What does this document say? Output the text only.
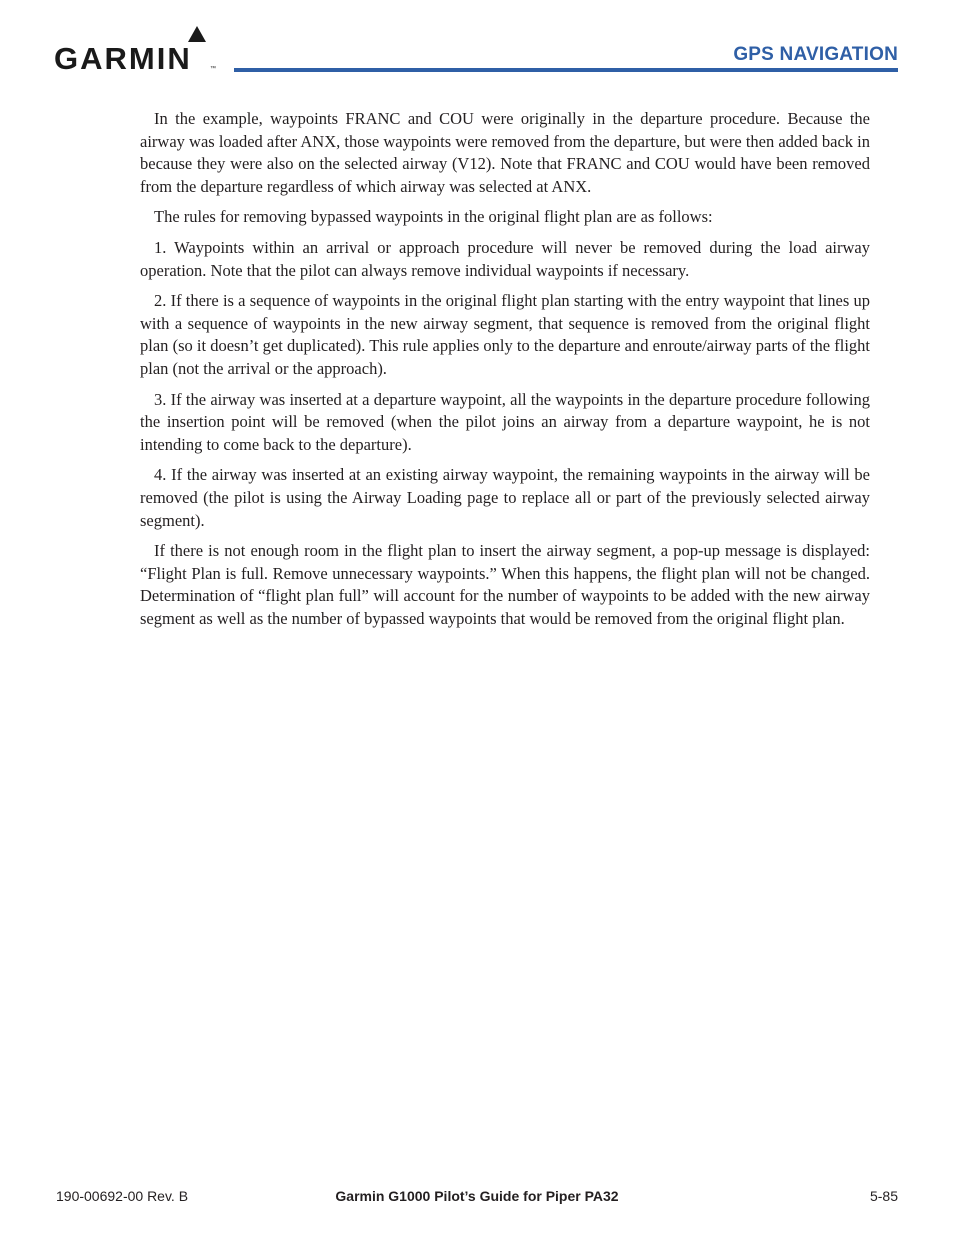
GARMIN	™
GPS NAVIGATION

In the example, waypoints FRANC and COU were originally in the departure procedure. Because the airway was loaded after ANX, those waypoints were removed from the departure, but were then added back in because they were also on the selected airway (V12). Note that FRANC and COU would have been removed from the departure regardless of which airway was selected at ANX.

The rules for removing bypassed waypoints in the original flight plan are as follows:

1. Waypoints within an arrival or approach procedure will never be removed during the load airway operation. Note that the pilot can always remove individual waypoints if necessary.

2. If there is a sequence of waypoints in the original flight plan starting with the entry waypoint that lines up with a sequence of waypoints in the new airway segment, that sequence is removed from the original flight plan (so it doesn’t get duplicated). This rule applies only to the departure and enroute/airway parts of the flight plan (not the arrival or the approach).

3. If the airway was inserted at a departure waypoint, all the waypoints in the departure procedure following the insertion point will be removed (when the pilot joins an airway from a departure waypoint, he is not intending to come back to the departure).

4. If the airway was inserted at an existing airway waypoint, the remaining waypoints in the airway will be removed (the pilot is using the Airway Loading page to replace all or part of the previously selected airway segment).

If there is not enough room in the flight plan to insert the airway segment, a pop-up message is displayed: “Flight Plan is full. Remove unnecessary waypoints.” When this happens, the flight plan will not be changed. Determination of “flight plan full” will account for the number of waypoints to be added with the new airway segment as well as the number of bypassed waypoints that would be removed from the original flight plan.

190-00692-00 Rev. B	Garmin G1000 Pilot’s Guide for Piper PA32	5-85
